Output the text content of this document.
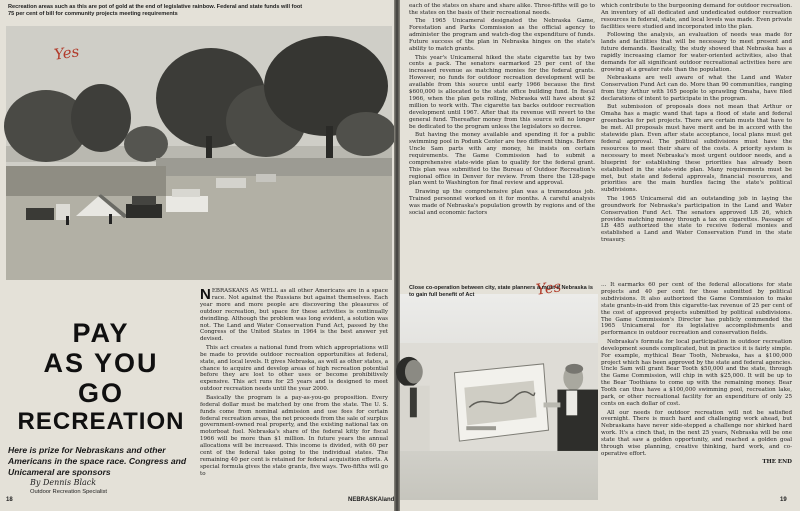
Recreation areas such as this are pot of gold at the end of legislative rainbow. Federal and state funds will foot 75 per cent of bill for community projects meeting requirements
Yes
PAY
AS YOU
GO
RECREATION
Here is prize for Nebraskans and other Americans in the space race. Congress and Unicameral are sponsors
By Dennis Black
Outdoor Recreation Specialist

NEBRASKANS AS WELL as all other Americans are in a space race. Not against the Russians but against themselves. Each year more and more people are discovering the pleasures of outdoor recreation, but space for these activities is continually dwindling. Although the problem was long evident, a solution was not. The Land and Water Conservation Fund Act, passed by the Congress of the United States in 1964 is the best answer yet devised.

This act creates a national fund from which appropriations will be made to provide outdoor recreation opportunities at federal, state, and local levels. It gives Nebraska, as well as other states, a chance to acquire and develop areas of high recreation potential before they are lost to other uses or become prohibitively expensive. This act runs for 25 years and is designed to meet outdoor recreation needs until the year 2000.

Basically the program is a pay-as-you-go proposition. Every federal dollar must be matched by one from the state. The U. S. funds come from nominal admission and use fees for certain federal recreation areas, the net proceeds from the sale of surplus government-owned real property, and the existing national tax on motorboat fuel. Nebraska's share of the federal kitty for fiscal 1966 will be more than $1 million. In future years the annual allocations will be increased. This income is divided, with 60 per cent of the federal take going to the individual states. The remaining 40 per cent is retained for federal acquisition efforts. A special formula gives the state grants, five ways. Two-fifths will go to

18
Yes
NEBRASKAland	19

each of the states on share and share alike. Three-fifths will go to the states on the basis of their recreational needs.

The 1965 Unicameral designated the Nebraska Game, Forestation and Parks Commission as the official agency to administer the program and watch-dog the expenditure of funds. Future success of the plan in Nebraska hinges on the state's ability to match grants.

This year's Unicameral hiked the state cigarette tax by two cents a pack. The senators earmarked 25 per cent of the increased revenue as matching monies for the federal grants. However, no funds for outdoor recreation development will be available from this source until early 1966 because the first $600,000 is allocated to the state office building fund. In fiscal 1966, when the plan gets rolling, Nebraska will have about $2 million to work with. The cigarette tax backs outdoor recreation development until 1967. After that its revenue will revert to the general fund. Thereafter money from this source will no longer be dedicated to the program unless the legislators so decree.

But having the money available and spending it for a public swimming pool in Podunk Center are two different things. Before Uncle Sam parts with any money, he insists on certain requirements. The Game Commission had to submit a comprehensive state-wide plan to qualify for the federal grant. This plan was submitted to the Bureau of Outdoor Recreation's regional office in Denver for review. From there the 128-page plan went to Washington for final review and approval.

Drawing up the comprehensive plan was a tremendous job. Trained personnel worked on it for months. A careful analysis was made of Nebraska's population growth by regions and of the social and economic factors

Close co-operation between city, state planners a must if Nebraska is to gain full benefit of Act

which contribute to the burgeoning demand for outdoor recreation. An inventory of all dedicated and undedicated outdoor recreation resources in federal, state, and local levels was made. Even private facilities were studied and incorporated into the plan.

Following the analysis, an evaluation of needs was made for lands and facilities that will be necessary to meet present and future demands. Basically, the study showed that Nebraska has a rapidly increasing clamor for water-oriented activities, also that demands for all significant outdoor recreational activities here are growing at a greater rate than the population.

Nebraskans are well aware of what the Land and Water Conservation Fund Act can do. More than 90 communities, ranging from tiny Arthur with 165 people to sprawling Omaha, have filed declarations of intent to participate in the program.

But submission of proposals does not mean that Arthur or Omaha has a magic wand that taps a flood of state and federal greenbacks for pet projects. There are certain musts that have to be met. All proposals must have merit and be in accord with the statewide plan. Even after state acceptance, local plans must get federal approval. The political subdivisions must have the resources to meet their share of the costs. A priority system is necessary to meet Nebraska's most urgent outdoor needs, and a blueprint for establishing these priorities has already been established in the state-wide plan. Many requirements must be met, but state and federal approvals, financial resources, and priorities are the main hurdles facing the state's political subdivisions.

The 1965 Unicameral did an outstanding job in laying the groundwork for Nebraska's participation in the Land and Water Conservation Fund Act. The senators approved LB 26, which provides matching money through a tax on cigarettes. Passage of LB 485 authorized the state to receive federal monies and established a Land and Water Conservation Fund in the state treasury.

… It earmarks 60 per cent of the federal allocations for state projects and 40 per cent for those submitted by political subdivisions. It also authorized the Game Commission to make state grants-in-aid from this cigarette-tax revenue of 25 per cent of the cost of approved projects submitted by political subdivisions. The Game Commission's Director has publicly commended the 1965 Unicameral for its legislative accomplishments and performance in outdoor recreation and conservation fields.

Nebraska's formula for local participation in outdoor recreation development sounds complicated, but in practice it is fairly simple. For example, mythical Bear Tooth, Nebraska, has a $100,000 project which has been approved by the state and federal agencies. Uncle Sam will grant Bear Tooth $50,000 and the state, through the Game Commission, will chip in with $25,000. It will be up to the Bear Toothians to come up with the remaining money. Bear Tooth can thus have a $100,000 swimming pool, recreation lake, park, or other recreational facility for an expenditure of only 25 cents on each dollar of cost.

All our needs for outdoor recreation will not be satisfied overnight. There is much hard and challenging work ahead, but Nebraskans have never side-stepped a challenge nor shirked hard work. It's a cinch that, in the next 25 years, Nebraska will be one state that saw a golden opportunity, and reached a golden goal through wise planning, creative thinking, hard work, and co-operative effort.

THE END
